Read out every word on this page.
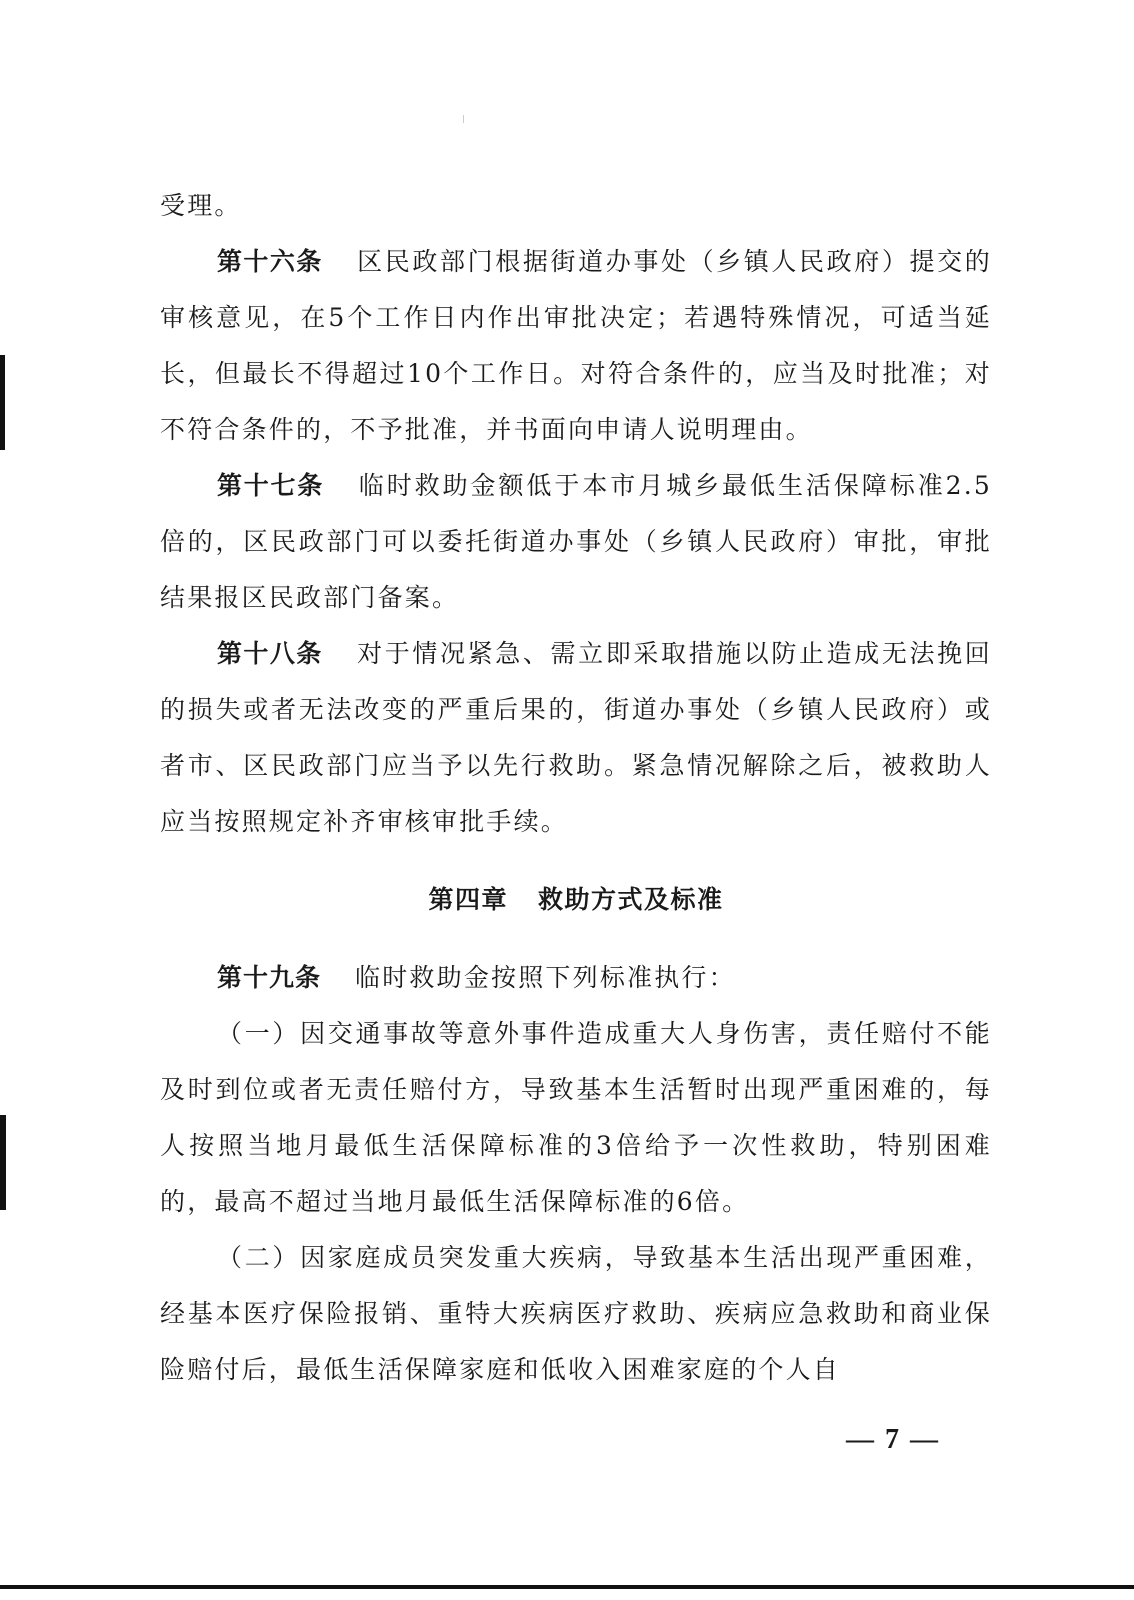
受理。

第十六条 区民政部门根据街道办事处（乡镇人民政府）提交的审核意见，在5个工作日内作出审批决定；若遇特殊情况，可适当延长，但最长不得超过10个工作日。对符合条件的，应当及时批准；对不符合条件的，不予批准，并书面向申请人说明理由。

第十七条 临时救助金额低于本市月城乡最低生活保障标准2.5倍的，区民政部门可以委托街道办事处（乡镇人民政府）审批，审批结果报区民政部门备案。

第十八条 对于情况紧急、需立即采取措施以防止造成无法挽回的损失或者无法改变的严重后果的，街道办事处（乡镇人民政府）或者市、区民政部门应当予以先行救助。紧急情况解除之后，被救助人应当按照规定补齐审核审批手续。

第四章 救助方式及标准

第十九条 临时救助金按照下列标准执行：

（一）因交通事故等意外事件造成重大人身伤害，责任赔付不能及时到位或者无责任赔付方，导致基本生活暂时出现严重困难的，每人按照当地月最低生活保障标准的3倍给予一次性救助，特别困难的，最高不超过当地月最低生活保障标准的6倍。

（二）因家庭成员突发重大疾病，导致基本生活出现严重困难，经基本医疗保险报销、重特大疾病医疗救助、疾病应急救助和商业保险赔付后，最低生活保障家庭和低收入困难家庭的个人自

— 7 —
